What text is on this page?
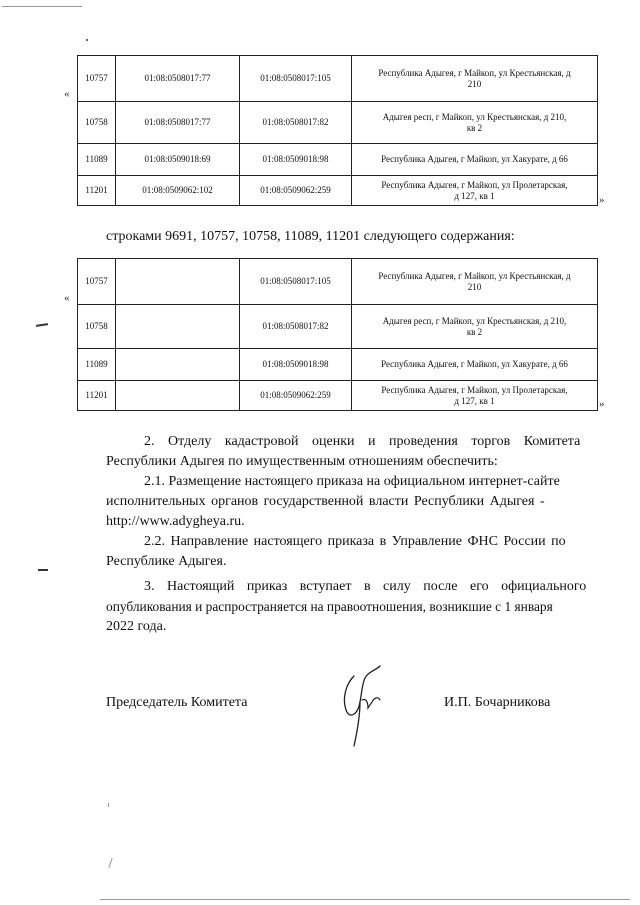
«
»
10757	01:08:0508017:77	01:08:0508017:105	Республика Адыгея, г Майкоп, ул Крестьянская, д
210

10758	01:08:0508017:77	01:08:0508017:82	Адыгея респ, г Майкоп, ул Крестьянская, д 210,
кв 2

11089	01:08:0509018:69	01:08:0509018:98	Республика Адыгея, г Майкоп, ул Хакурате, д 66

11201	01:08:0509062:102	01:08:0509062:259	Республика Адыгея, г Майкоп, ул Пролетарская,
д 127, кв 1
строками 9691, 10757, 10758, 11089, 11201 следующего содержания:
«
»
10757		01:08:0508017:105	Республика Адыгея, г Майкоп, ул Крестьянская, д
210

10758		01:08:0508017:82	Адыгея респ, г Майкоп, ул Крестьянская, д 210,
кв 2

11089		01:08:0509018:98	Республика Адыгея, г Майкоп, ул Хакурате, д 66

11201		01:08:0509062:259	Республика Адыгея, г Майкоп, ул Пролетарская,
д 127, кв 1
2. Отделу кадастровой оценки и проведения торгов Комитета
Республики Адыгея по имущественным отношениям обеспечить:
2.1. Размещение настоящего приказа на официальном интернет-сайте
исполнительных органов государственной власти Республики Адыгея -
http://www.adygheya.ru.
2.2. Направление настоящего приказа в Управление ФНС России по
Республике Адыгея.
3. Настоящий приказ вступает в силу после его официального
опубликования и распространяется на правоотношения, возникшие с 1 января
2022 года.
Председатель Комитета	И.П. Бочарникова
